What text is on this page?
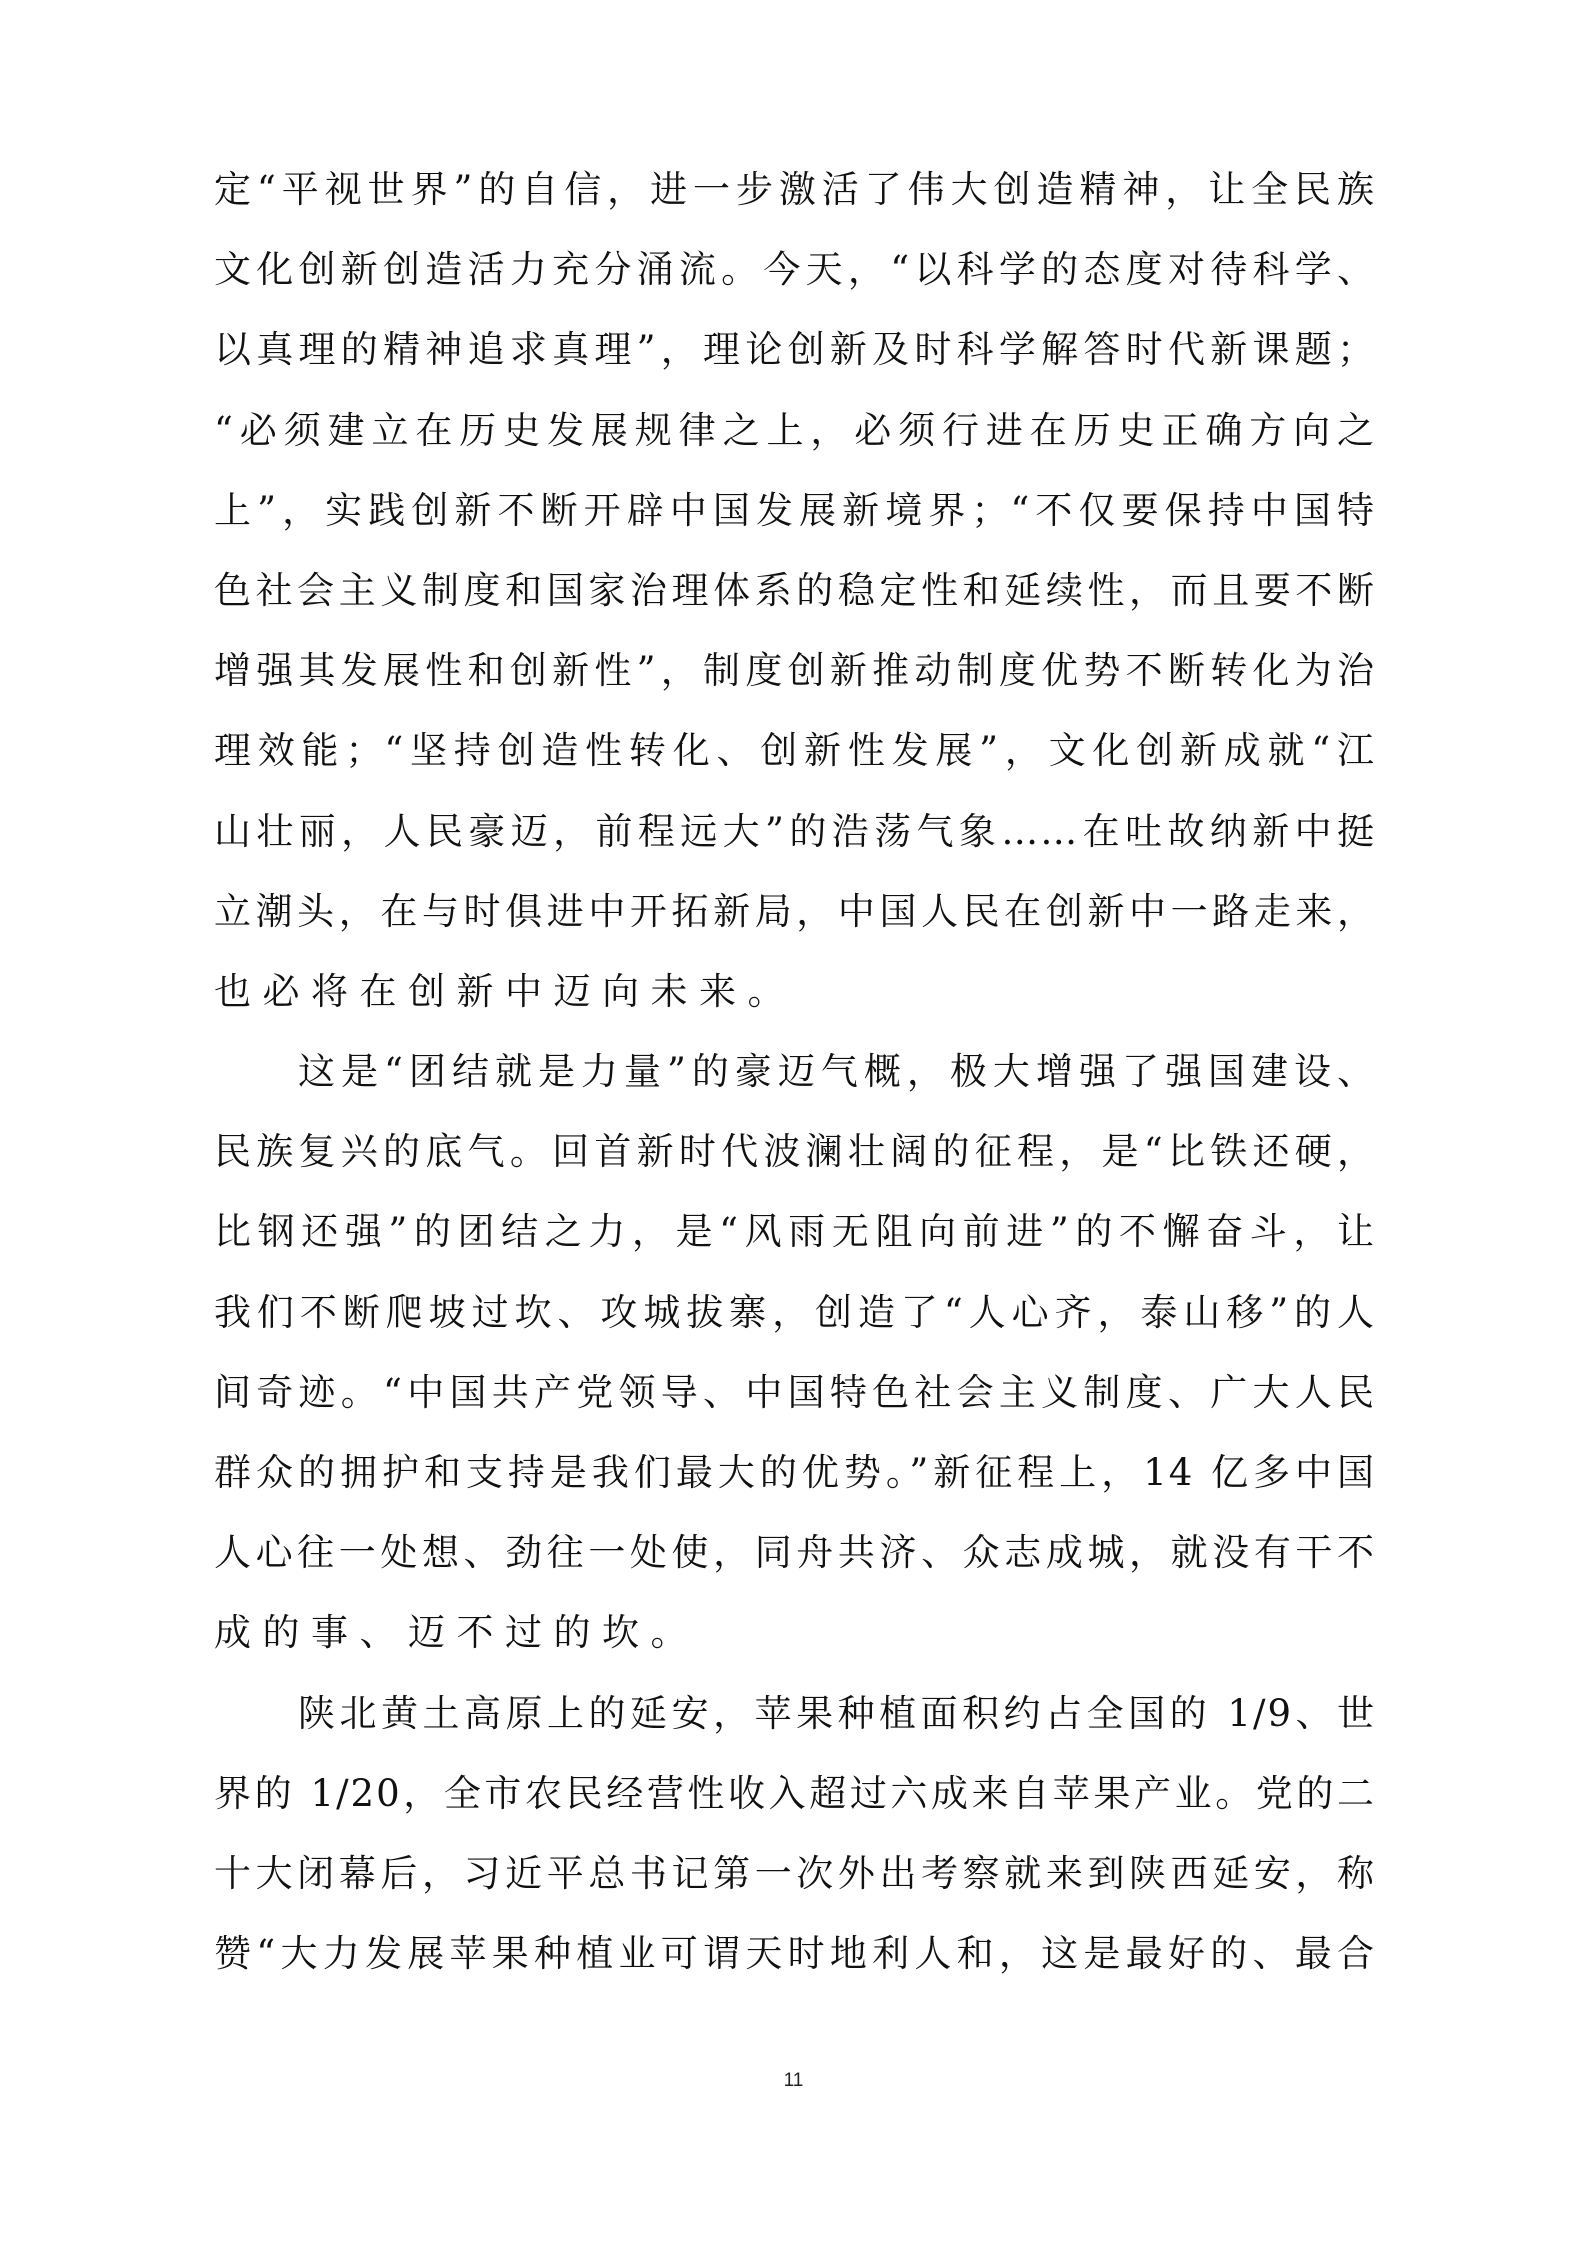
定“平视世界”的自信，进一步激活了伟大创造精神，让全民族
文化创新创造活力充分涌流。今天，“以科学的态度对待科学、
以真理的精神追求真理”，理论创新及时科学解答时代新课题；
“必须建立在历史发展规律之上，必须行进在历史正确方向之
上”，实践创新不断开辟中国发展新境界；“不仅要保持中国特
色社会主义制度和国家治理体系的稳定性和延续性，而且要不断
增强其发展性和创新性”，制度创新推动制度优势不断转化为治
理效能；“坚持创造性转化、创新性发展”，文化创新成就“江
山壮丽，人民豪迈，前程远大”的浩荡气象……在吐故纳新中挺
立潮头，在与时俱进中开拓新局，中国人民在创新中一路走来，
也必将在创新中迈向未来。
这是“团结就是力量”的豪迈气概，极大增强了强国建设、
民族复兴的底气。回首新时代波澜壮阔的征程，是“比铁还硬，
比钢还强”的团结之力，是“风雨无阻向前进”的不懈奋斗，让
我们不断爬坡过坎、攻城拔寨，创造了“人心齐，泰山移”的人
间奇迹。“中国共产党领导、中国特色社会主义制度、广大人民
群众的拥护和支持是我们最大的优势。”新征程上，14 亿多中国
人心往一处想、劲往一处使，同舟共济、众志成城，就没有干不
成的事、迈不过的坎。
陕北黄土高原上的延安，苹果种植面积约占全国的 1/9、世
界的 1/20，全市农民经营性收入超过六成来自苹果产业。党的二
十大闭幕后，习近平总书记第一次外出考察就来到陕西延安，称
赞“大力发展苹果种植业可谓天时地利人和，这是最好的、最合
11
